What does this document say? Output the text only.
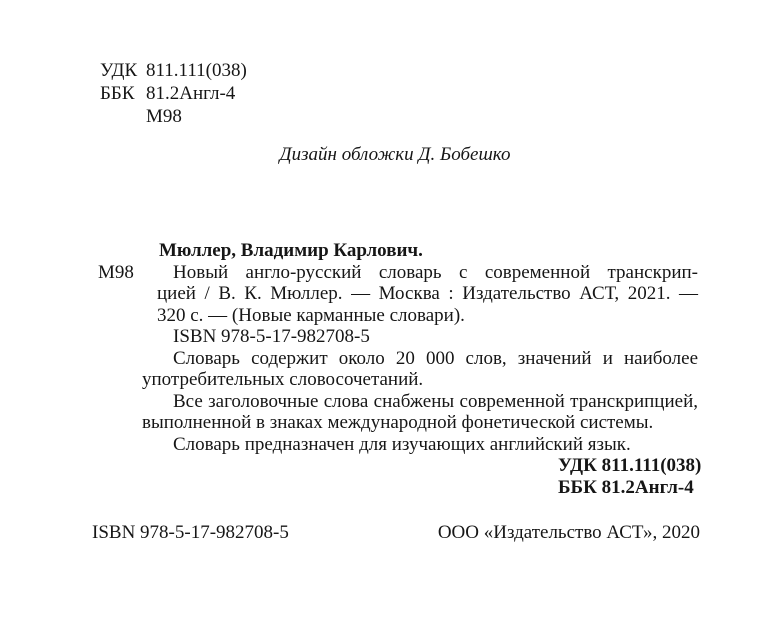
УДК 811.111(038)
ББК 81.2Англ-4
М98
Дизайн обложки Д. Бобешко
М98
Мюллер, Владимир Карлович.
Новый англо-русский словарь с современной транскрип-
цией / В. К. Мюллер. — Москва : Издательство АСТ, 2021. —
320 с. — (Новые карманные словари).
ISBN 978-5-17-982708-5
Словарь содержит около 20 000 слов, значений и наиболее
употребительных словосочетаний.
Все заголовочные слова снабжены современной транскрипцией,
выполненной в знаках международной фонетической системы.
Словарь предназначен для изучающих английский язык.
УДК 811.111(038)
ББК 81.2Англ-4
ISBN 978-5-17-982708-5	ООО «Издательство АСТ», 2020
